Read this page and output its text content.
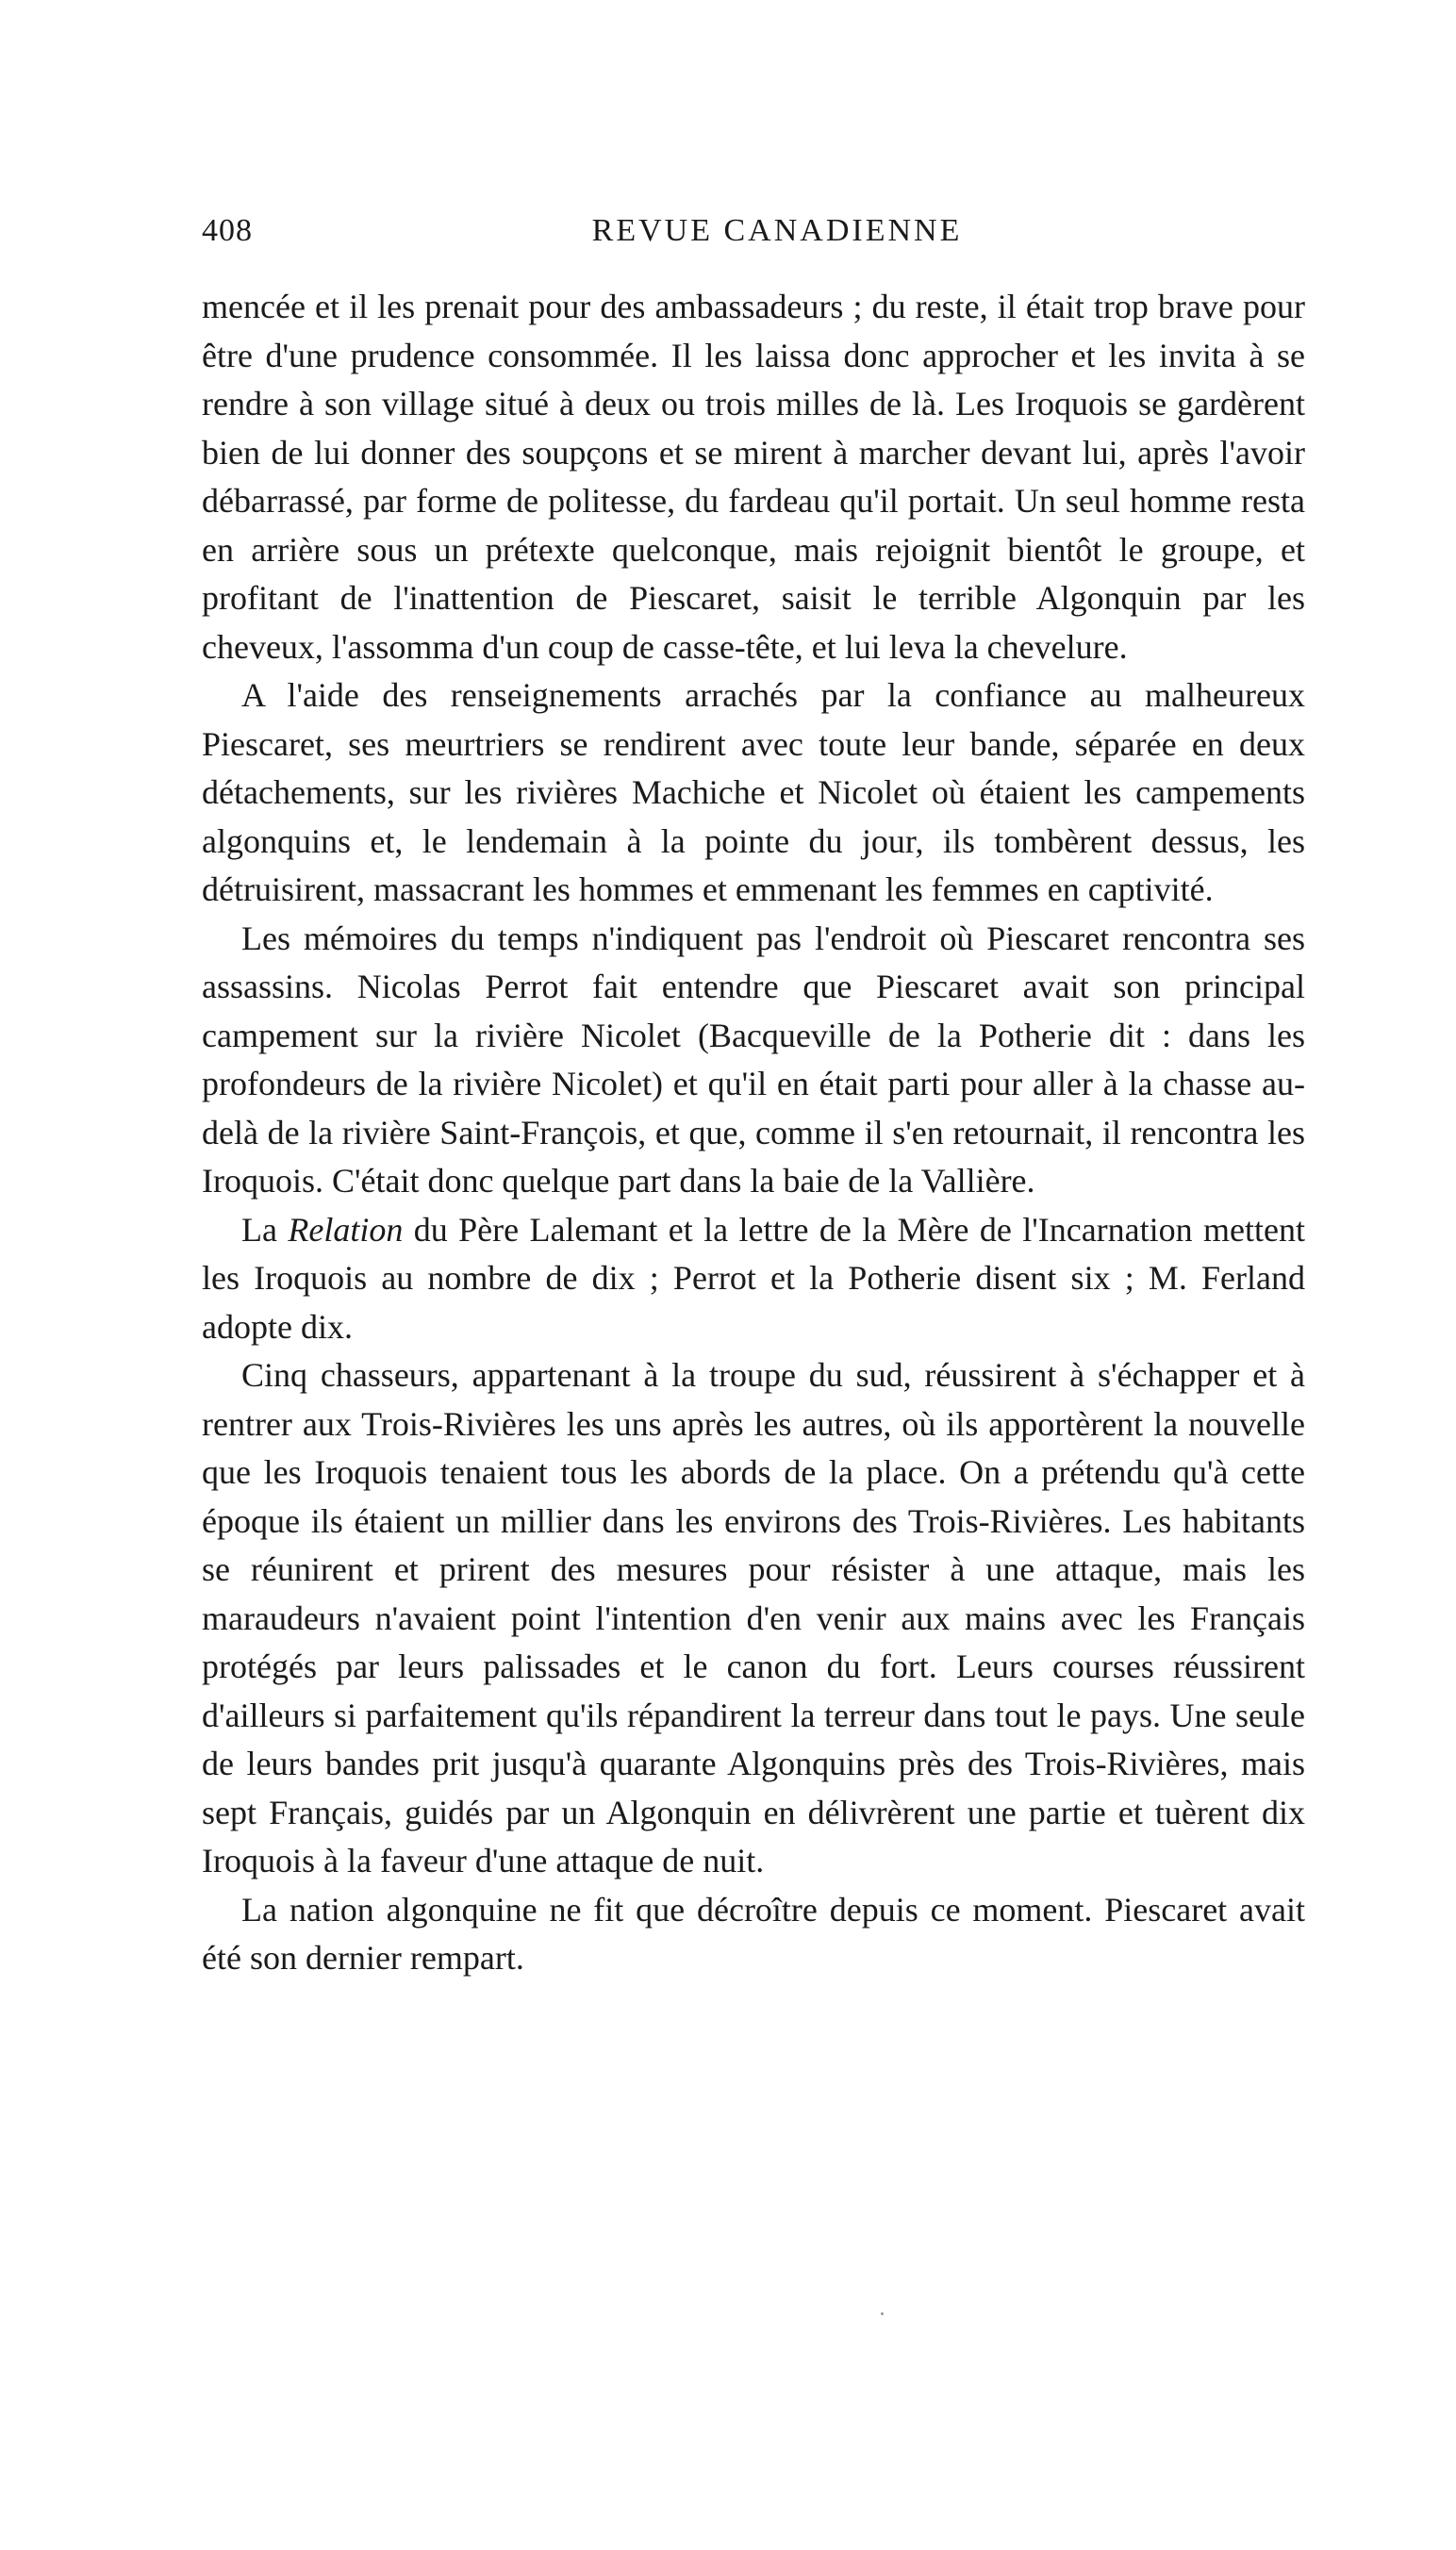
408	REVUE CANADIENNE

mencée et il les prenait pour des ambassadeurs ; du reste, il était trop brave pour être d'une prudence consommée. Il les laissa donc approcher et les invita à se rendre à son village situé à deux ou trois milles de là. Les Iroquois se gardèrent bien de lui donner des soupçons et se mirent à marcher devant lui, après l'avoir débarrassé, par forme de politesse, du fardeau qu'il portait. Un seul homme resta en arrière sous un prétexte quelconque, mais rejoignit bientôt le groupe, et profitant de l'inattention de Piescaret, saisit le terrible Algonquin par les cheveux, l'assomma d'un coup de casse-tête, et lui leva la chevelure.

A l'aide des renseignements arrachés par la confiance au malheureux Piescaret, ses meurtriers se rendirent avec toute leur bande, séparée en deux détachements, sur les rivières Machiche et Nicolet où étaient les campements algonquins et, le lendemain à la pointe du jour, ils tombèrent dessus, les détruisirent, massacrant les hommes et emmenant les femmes en captivité.

Les mémoires du temps n'indiquent pas l'endroit où Piescaret rencontra ses assassins. Nicolas Perrot fait entendre que Piescaret avait son principal campement sur la rivière Nicolet (Bacqueville de la Potherie dit : dans les profondeurs de la rivière Nicolet) et qu'il en était parti pour aller à la chasse au-delà de la rivière Saint-François, et que, comme il s'en retournait, il rencontra les Iroquois. C'était donc quelque part dans la baie de la Vallière.

La Relation du Père Lalemant et la lettre de la Mère de l'Incarnation mettent les Iroquois au nombre de dix ; Perrot et la Potherie disent six ; M. Ferland adopte dix.

Cinq chasseurs, appartenant à la troupe du sud, réussirent à s'échapper et à rentrer aux Trois-Rivières les uns après les autres, où ils apportèrent la nouvelle que les Iroquois tenaient tous les abords de la place. On a prétendu qu'à cette époque ils étaient un millier dans les environs des Trois-Rivières. Les habitants se réunirent et prirent des mesures pour résister à une attaque, mais les maraudeurs n'avaient point l'intention d'en venir aux mains avec les Français protégés par leurs palissades et le canon du fort. Leurs courses réussirent d'ailleurs si parfaitement qu'ils répandirent la terreur dans tout le pays. Une seule de leurs bandes prit jusqu'à quarante Algonquins près des Trois-Rivières, mais sept Français, guidés par un Algonquin en délivrèrent une partie et tuèrent dix Iroquois à la faveur d'une attaque de nuit.

La nation algonquine ne fit que décroître depuis ce moment. Piescaret avait été son dernier rempart.
